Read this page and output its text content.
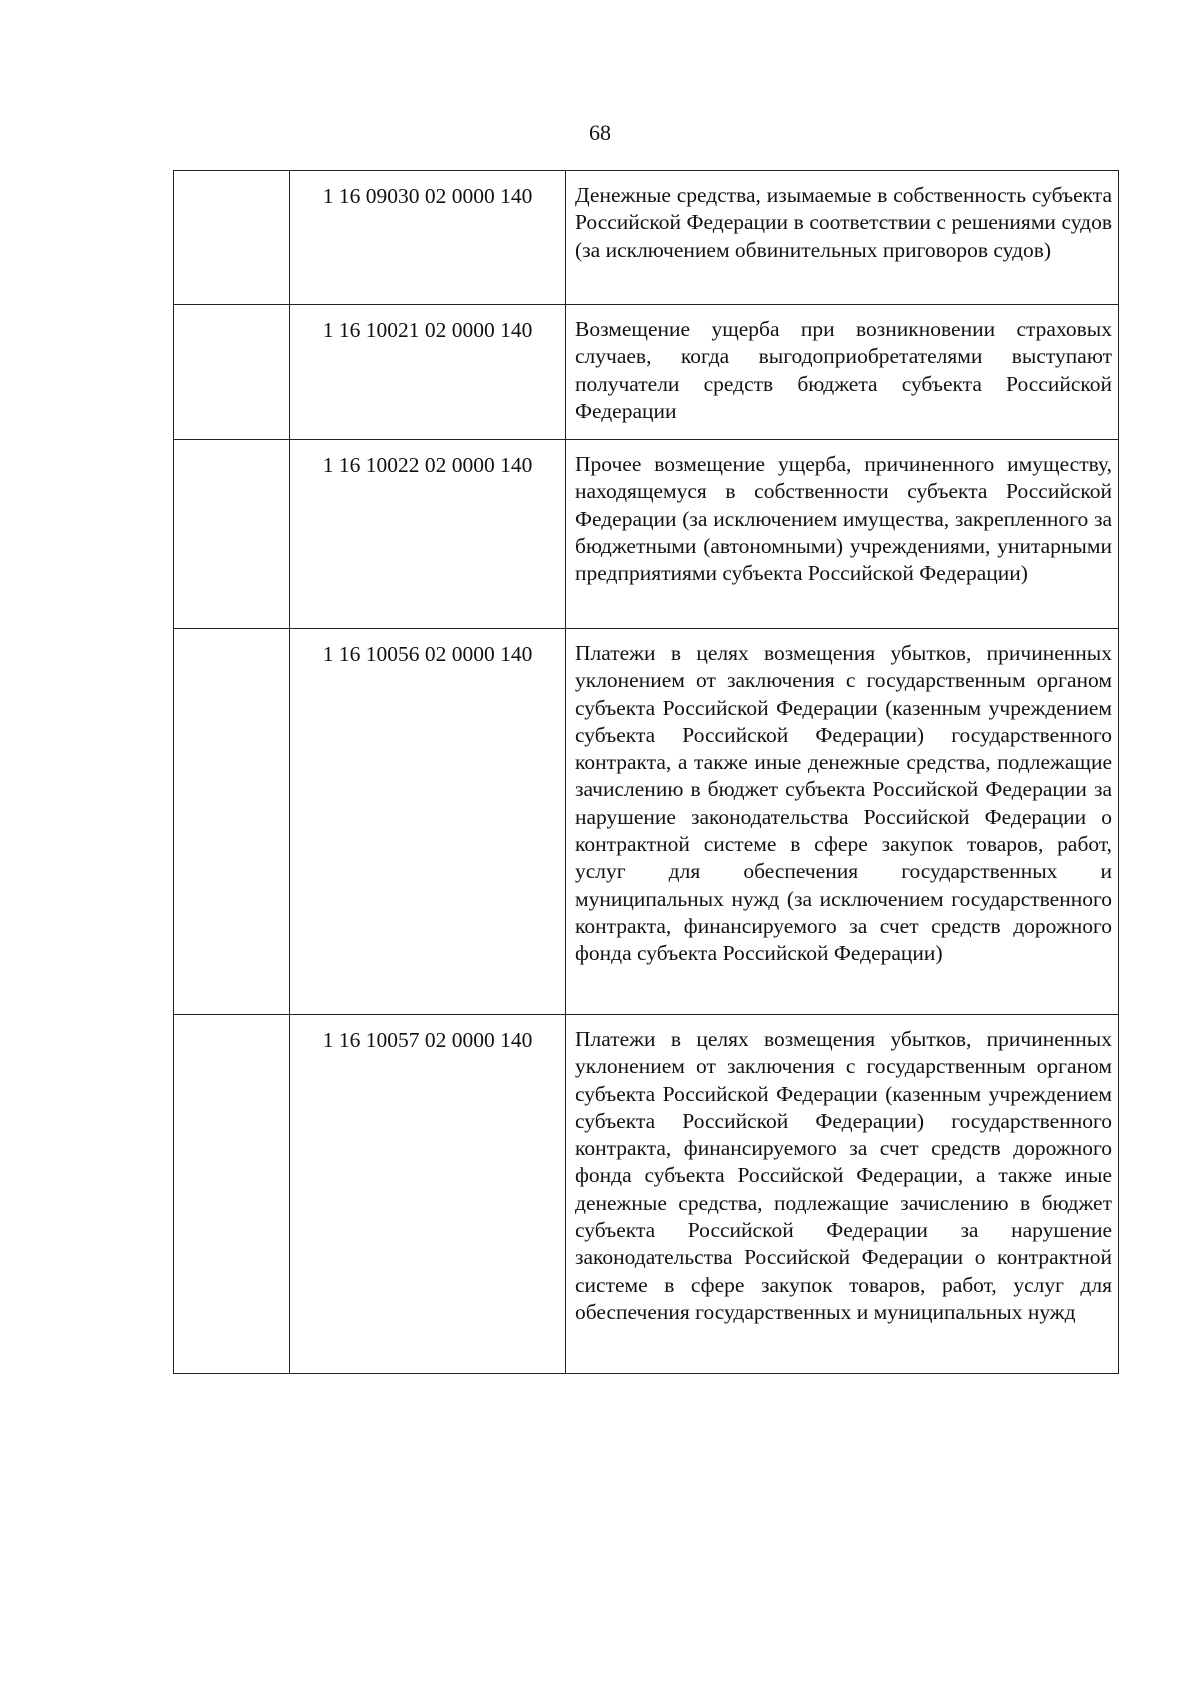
68
	1 16 09030 02 0000 140	Денежные средства, изымаемые в собственность субъекта Российской Федерации в соответствии с решениями судов (за исключением обвинительных приговоров судов)
	1 16 10021 02 0000 140	Возмещение ущерба при возникновении страховых случаев, когда выгодоприобретателями выступают получатели средств бюджета субъекта Российской Федерации
	1 16 10022 02 0000 140	Прочее возмещение ущерба, причиненного имуществу, находящемуся в собственности субъекта Российской Федерации (за исключением имущества, закрепленного за бюджетными (автономными) учреждениями, унитарными предприятиями субъекта Российской Федерации)
	1 16 10056 02 0000 140	Платежи в целях возмещения убытков, причиненных уклонением от заключения с государственным органом субъекта Российской Федерации (казенным учреждением субъекта Российской Федерации) государственного контракта, а также иные денежные средства, подлежащие зачислению в бюджет субъекта Российской Федерации за нарушение законодательства Российской Федерации о контрактной системе в сфере закупок товаров, работ, услуг для обеспечения государственных и муниципальных нужд (за исключением государственного контракта, финансируемого за счет средств дорожного фонда субъекта Российской Федерации)
	1 16 10057 02 0000 140	Платежи в целях возмещения убытков, причиненных уклонением от заключения с государственным органом субъекта Российской Федерации (казенным учреждением субъекта Российской Федерации) государственного контракта, финансируемого за счет средств дорожного фонда субъекта Российской Федерации, а также иные денежные средства, подлежащие зачислению в бюджет субъекта Российской Федерации за нарушение законодательства Российской Федерации о контрактной системе в сфере закупок товаров, работ, услуг для обеспечения государственных и муниципальных нужд
